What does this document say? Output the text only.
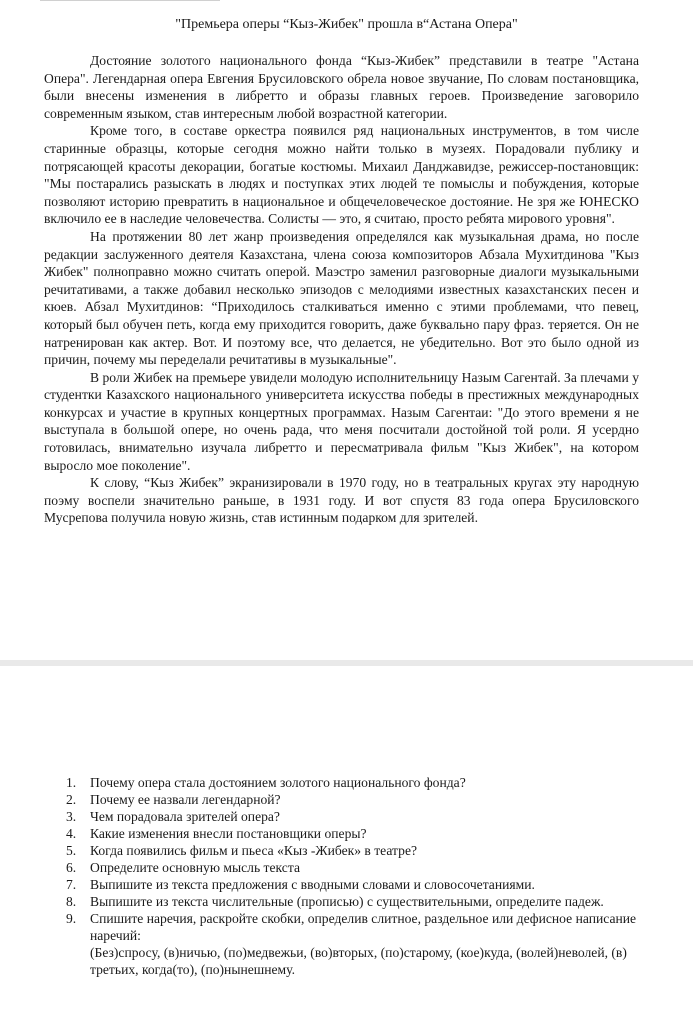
"Премьера оперы “Кыз-Жибек" прошла в“Астана Опера"

Достояние золотого национального фонда “Кыз-Жибек” представили в театре "Астана Опера". Легендарная опера Евгения Брусиловского обрела новое звучание, По словам постановщика, были внесены изменения в либретто и образы главных героев. Произведение заговорило современным языком, став интересным любой возрастной категории.

Кроме того, в составе оркестра появился ряд национальных инструментов, в том числе старинные образцы, которые сегодня можно найти только в музеях. Порадовали публику и потрясающей красоты декорации, богатые костюмы. Михаил Данджавидзе, режиссер-постановщик: "Мы постарались разыскать в людях и поступках этих людей те помыслы и побуждения, которые позволяют историю превратить в национальное и общечеловеческое достояние. Не зря же ЮНЕСКО включило ее в наследие человечества. Солисты — это, я считаю, просто ребята мирового уровня".

На протяжении 80 лет жанр произведения определялся как музыкальная драма, но после редакции заслуженного деятеля Казахстана, члена союза композиторов Абзала Мухитдинова "Кыз Жибек" полноправно можно считать оперой. Маэстро заменил разговорные диалоги музыкальными речитативами, а также добавил несколько эпизодов с мелодиями известных казахстанских песен и кюев. Абзал Мухитдинов: “Приходилось сталкиваться именно с этими проблемами, что певец, который был обучен петь, когда ему приходится говорить, даже буквально пару фраз. теряется. Он не натренирован как актер. Вот. И поэтому все, что делается, не убедительно. Вот это было одной из причин, почему мы переделали речитативы в музыкальные".

В роли Жибек на премьере увидели молодую исполнительницу Назым Сагентай. За плечами у студентки Казахского национального университета искусства победы в престижных международных конкурсах и участие в крупных концертных программах. Назым Сагентаи: "До этого времени я не выступала в большой опере, но очень рада, что меня посчитали достойной той роли. Я усердно готовилась, внимательно изучала либретто и пересматривала фильм "Кыз Жибек", на котором выросло мое поколение".

К слову, “Кыз Жибек” экранизировали в 1970 году, но в театральных кругах эту народную поэму воспели значительно раньше, в 1931 году. И вот спустя 83 года опера Брусиловского Мусрепова получила новую жизнь, став истинным подарком для зрителей.

1.	Почему опера стала достоянием золотого национального фонда?
2.	Почему ее назвали легендарной?
3.	Чем порадовала зрителей опера?
4.	Какие изменения внесли постановщики оперы?
5.	Когда появились фильм и пьеса «Кыз -Жибек» в театре?
6.	Определите основную мысль текста
7.	Выпишите из текста предложения с вводными словами и словосочетаниями.
8.	Выпишите из текста числительные (прописью) с существительными, определите падеж.
9.	Спишите наречия, раскройте скобки, определив слитное, раздельное или дефисное написание наречий:
(Без)спросу, (в)ничью, (по)медвежьи, (во)вторых, (по)старому, (кое)куда, (волей)неволей, (в) третьих, когда(то), (по)нынешнему.
